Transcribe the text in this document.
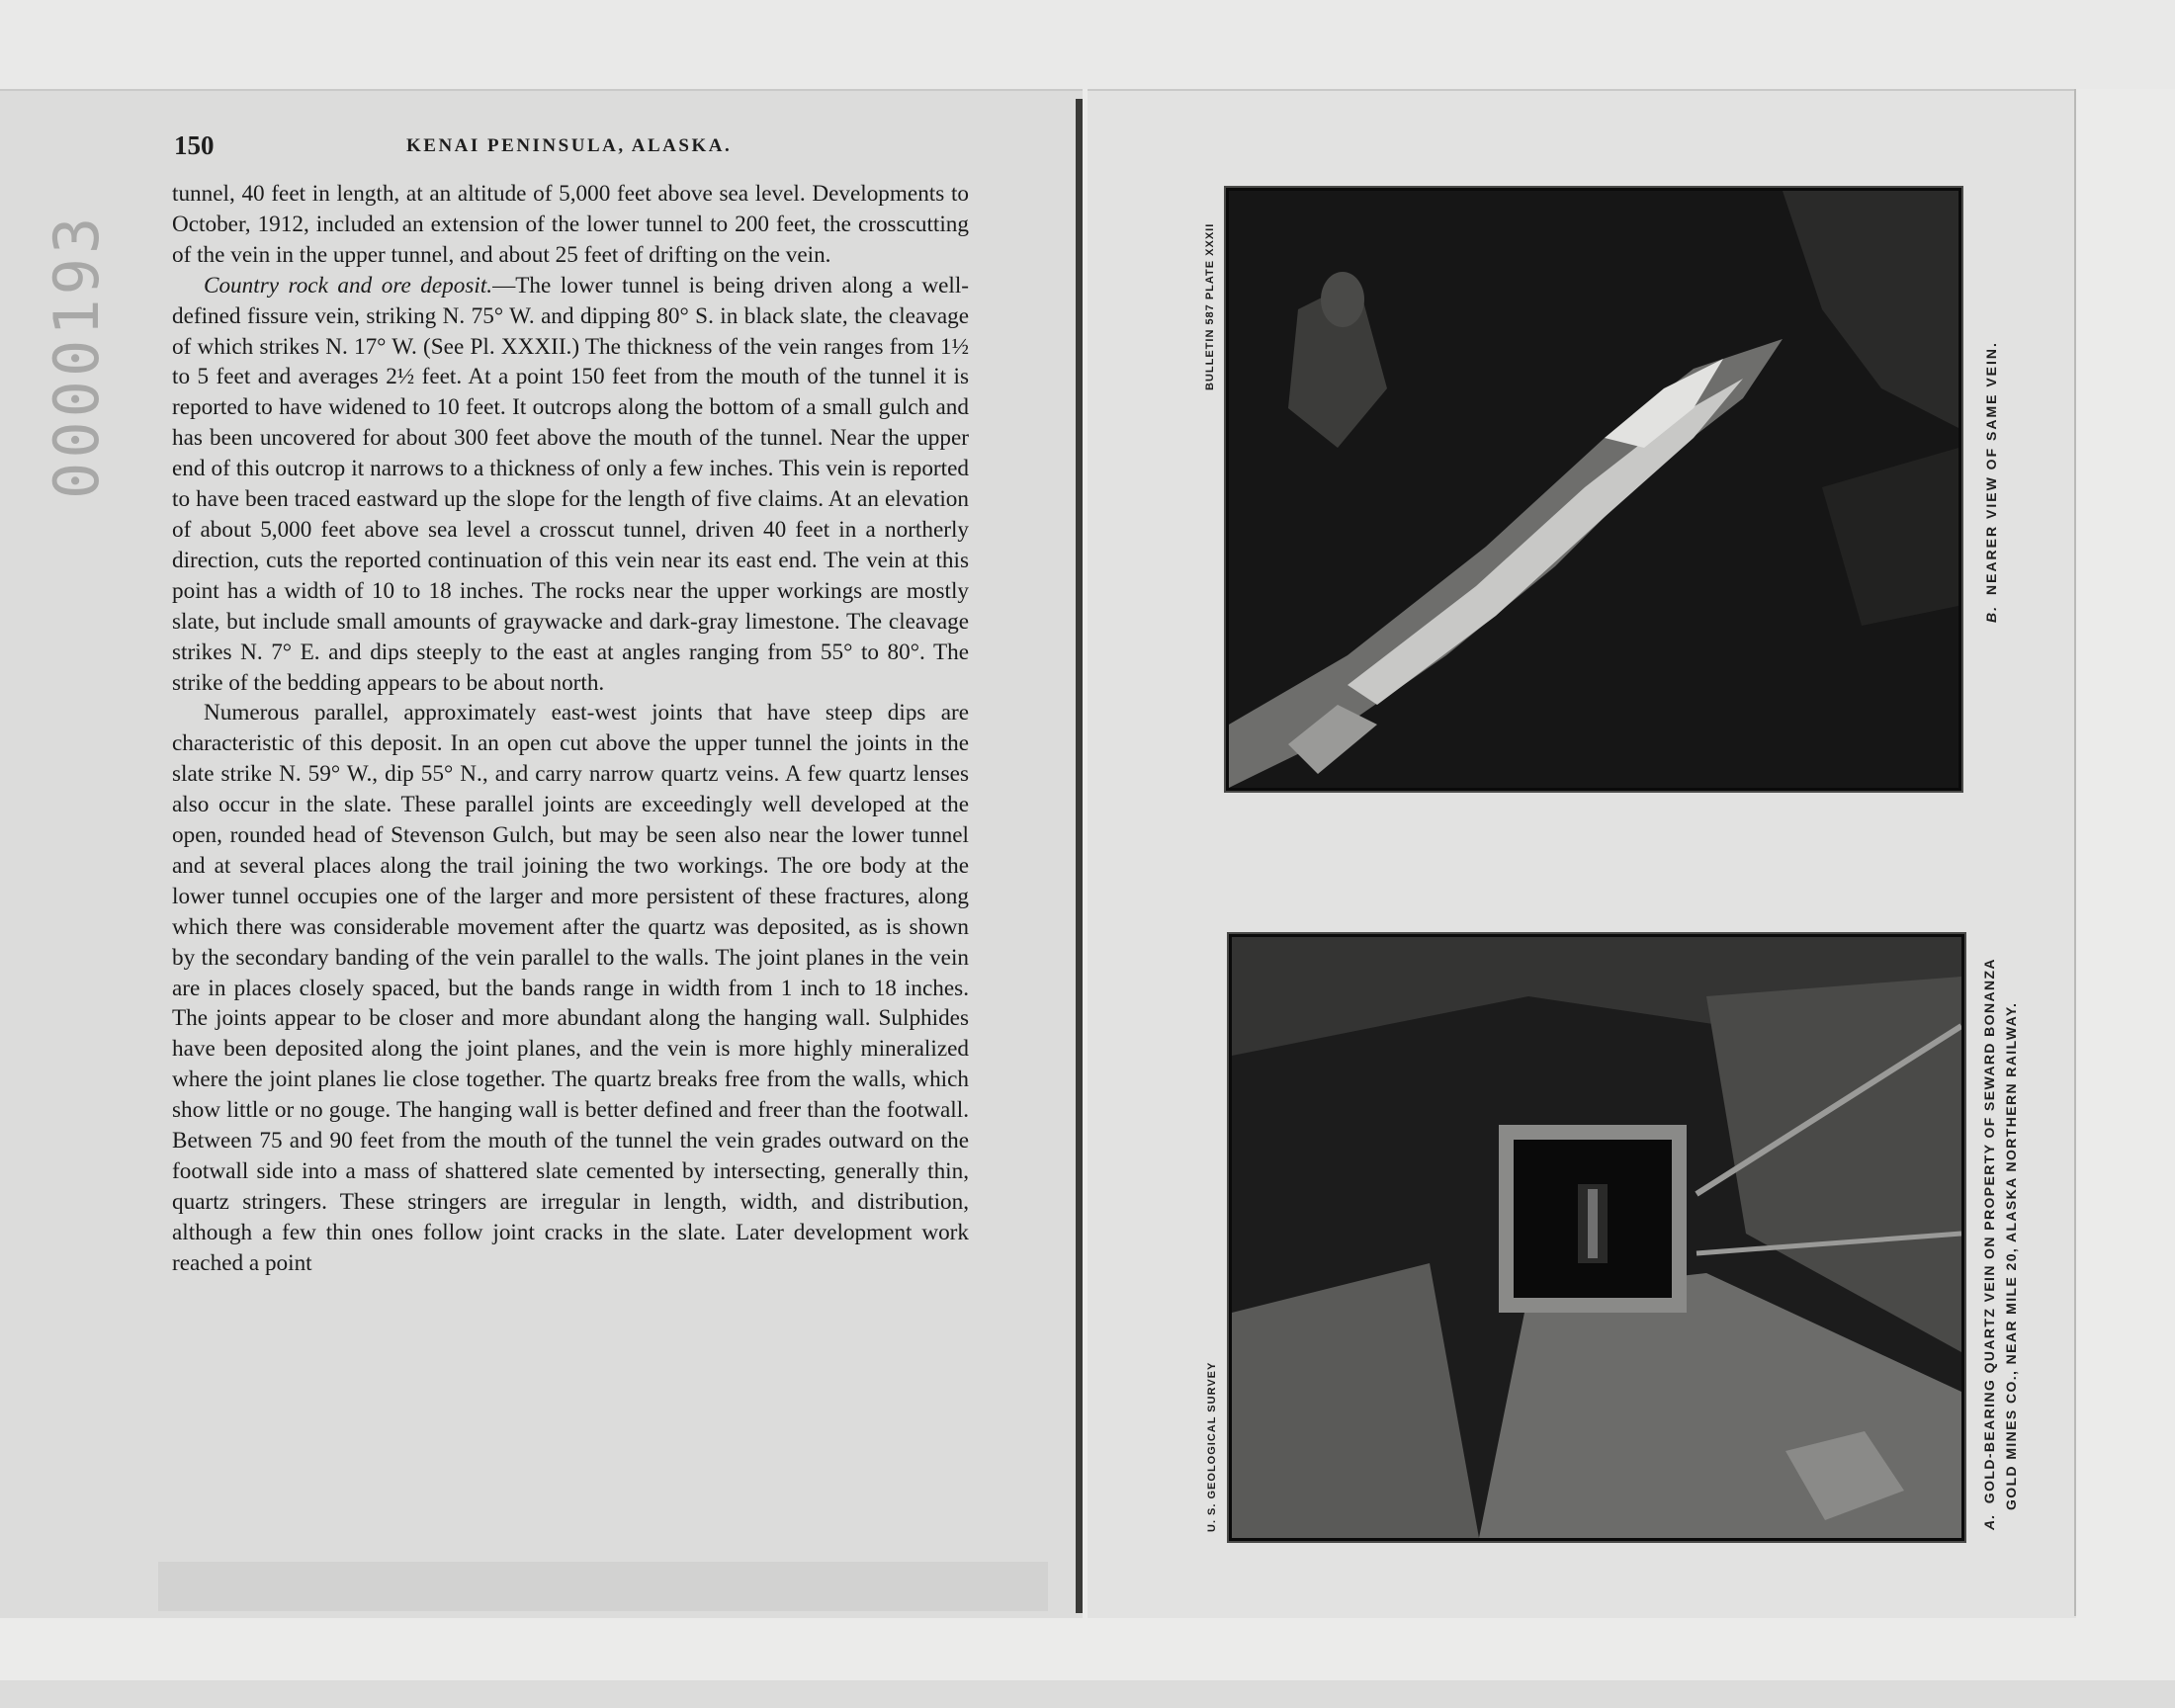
0000193
150	KENAI PENINSULA, ALASKA.

tunnel, 40 feet in length, at an altitude of 5,000 feet above sea level. Developments to October, 1912, included an extension of the lower tunnel to 200 feet, the crosscutting of the vein in the upper tunnel, and about 25 feet of drifting on the vein.

Country rock and ore deposit.—The lower tunnel is being driven along a well-defined fissure vein, striking N. 75° W. and dipping 80° S. in black slate, the cleavage of which strikes N. 17° W. (See Pl. XXXII.) The thickness of the vein ranges from 1½ to 5 feet and averages 2½ feet. At a point 150 feet from the mouth of the tunnel it is reported to have widened to 10 feet. It outcrops along the bottom of a small gulch and has been uncovered for about 300 feet above the mouth of the tunnel. Near the upper end of this outcrop it narrows to a thickness of only a few inches. This vein is reported to have been traced eastward up the slope for the length of five claims. At an elevation of about 5,000 feet above sea level a crosscut tunnel, driven 40 feet in a northerly direction, cuts the reported continuation of this vein near its east end. The vein at this point has a width of 10 to 18 inches. The rocks near the upper workings are mostly slate, but include small amounts of graywacke and dark-gray limestone. The cleavage strikes N. 7° E. and dips steeply to the east at angles ranging from 55° to 80°. The strike of the bedding appears to be about north.

Numerous parallel, approximately east-west joints that have steep dips are characteristic of this deposit. In an open cut above the upper tunnel the joints in the slate strike N. 59° W., dip 55° N., and carry narrow quartz veins. A few quartz lenses also occur in the slate. These parallel joints are exceedingly well developed at the open, rounded head of Stevenson Gulch, but may be seen also near the lower tunnel and at several places along the trail joining the two workings. The ore body at the lower tunnel occupies one of the larger and more persistent of these fractures, along which there was considerable movement after the quartz was deposited, as is shown by the secondary banding of the vein parallel to the walls. The joint planes in the vein are in places closely spaced, but the bands range in width from 1 inch to 18 inches. The joints appear to be closer and more abundant along the hanging wall. Sulphides have been deposited along the joint planes, and the vein is more highly mineralized where the joint planes lie close together. The quartz breaks free from the walls, which show little or no gouge. The hanging wall is better defined and freer than the footwall. Between 75 and 90 feet from the mouth of the tunnel the vein grades outward on the footwall side into a mass of shattered slate cemented by intersecting, generally thin, quartz stringers. These stringers are irregular in length, width, and distribution, although a few thin ones follow joint cracks in the slate. Later development work reached a point

BULLETIN 587 PLATE XXXII
U. S. GEOLOGICAL SURVEY
B.NEARER VIEW OF SAME VEIN.
A.GOLD-BEARING QUARTZ VEIN ON PROPERTY OF SEWARD BONANZA GOLD MINES CO., NEAR MILE 20, ALASKA NORTHERN RAILWAY.
